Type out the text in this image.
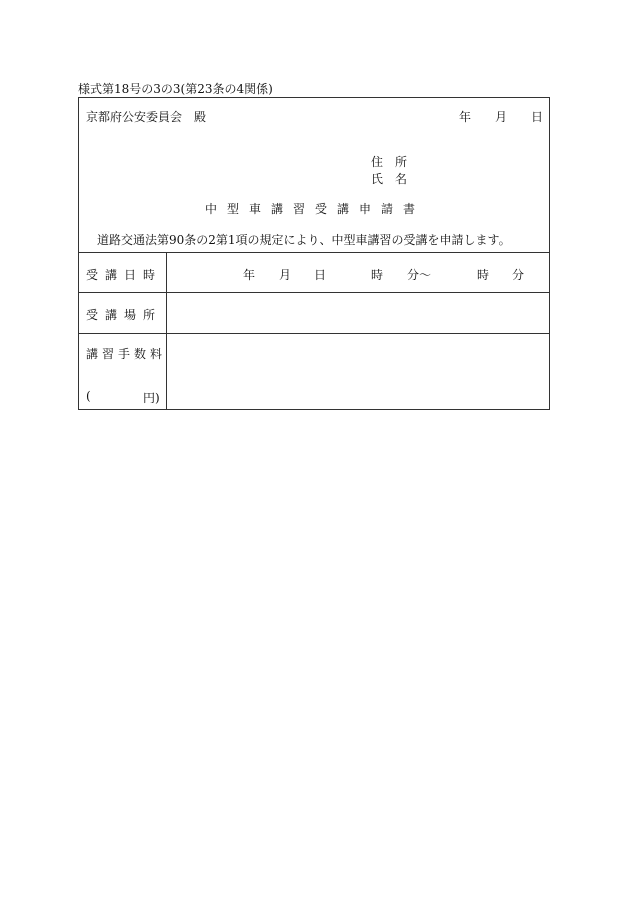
様式第18号の3の3(第23条の4関係)
京都府公安委員会　殿	年 月 日
住　所
氏　名
中型車講習受講申請書
道路交通法第90条の2第1項の規定により、中型車講習の受講を申請します。
受講日時	年 月 日	時 分～	時 分
受講場所
講習手数料
(	円)
